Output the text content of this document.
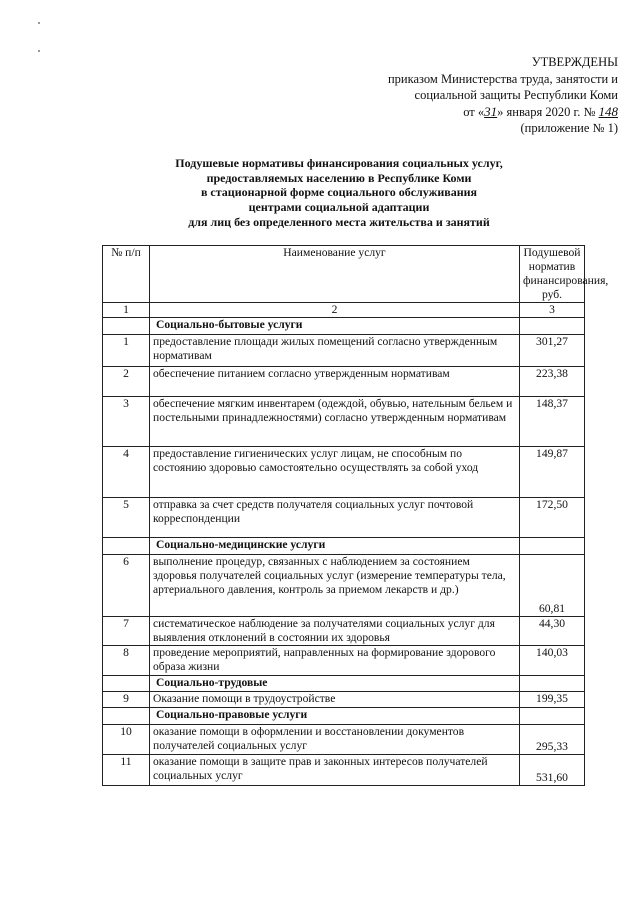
УТВЕРЖДЕНЫ
приказом Министерства труда, занятости и
социальной защиты Республики Коми
от «31» января 2020 г. № 148
(приложение № 1)
Подушевые нормативы финансирования социальных услуг,
предоставляемых населению в Республике Коми
в стационарной форме социального обслуживания
центрами социальной адаптации
для лиц без определенного места жительства и занятий
№ п/п	Наименование услуг	Подушевой норматив финансирования, руб.
1	2	3
	Социально-бытовые услуги	
1	предоставление площади жилых помещений согласно утвержденным нормативам	301,27
2	обеспечение питанием согласно утвержденным нормативам	223,38
3	обеспечение мягким инвентарем (одеждой, обувью, нательным бельем и постельными принадлежностями) согласно утвержденным нормативам	148,37
4	предоставление гигиенических услуг лицам, не способным по состоянию здоровью самостоятельно осуществлять за собой уход	149,87
5	отправка за счет средств получателя социальных услуг почтовой корреспонденции	172,50
	Социально-медицинские услуги	
6	выполнение процедур, связанных с наблюдением за состоянием здоровья получателей социальных услуг (измерение температуры тела, артериального давления, контроль за приемом лекарств и др.)	60,81
7	систематическое наблюдение за получателями социальных услуг для выявления отклонений в состоянии их здоровья	44,30
8	проведение мероприятий, направленных на формирование здорового образа жизни	140,03
	Социально-трудовые	
9	Оказание помощи в трудоустройстве	199,35
	Социально-правовые услуги	
10	оказание помощи в оформлении и восстановлении документов получателей социальных услуг	295,33
11	оказание помощи в защите прав и законных интересов получателей социальных услуг	531,60
